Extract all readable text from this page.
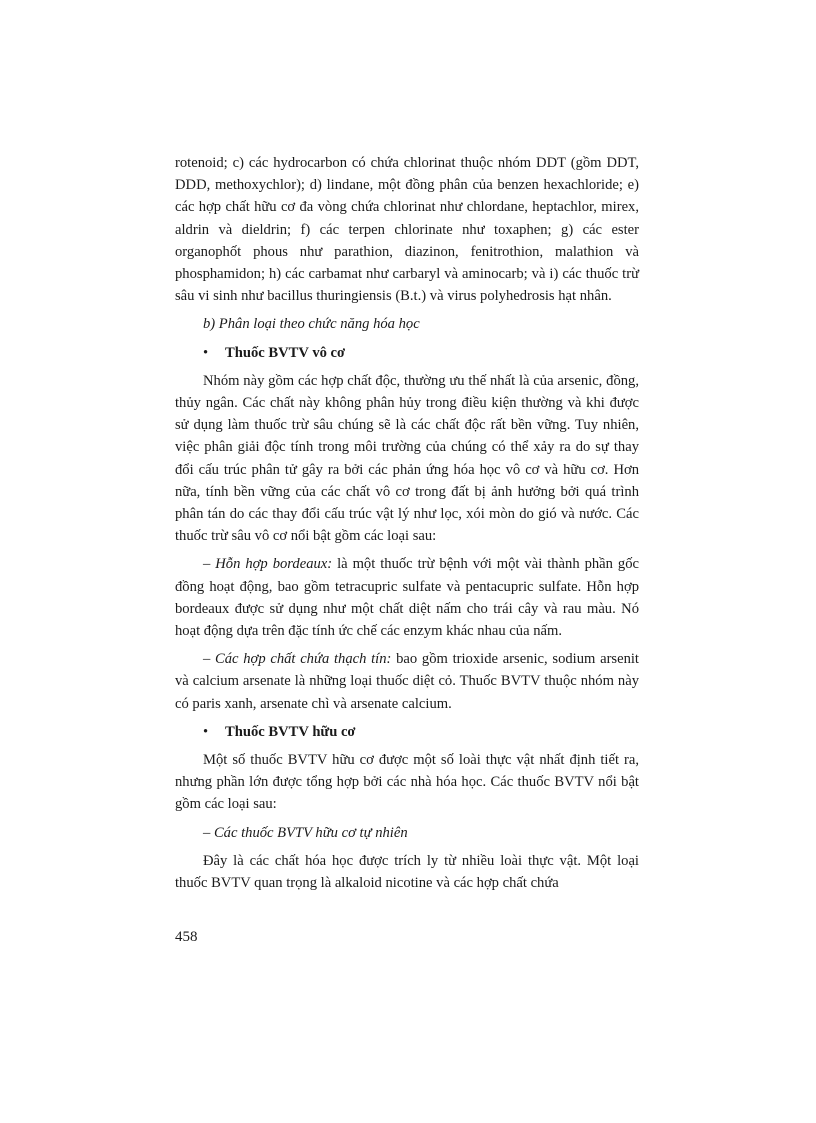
rotenoid; c) các hydrocarbon có chứa chlorinat thuộc nhóm DDT (gồm DDT, DDD, methoxychlor); d) lindane, một đồng phân của benzen hexachloride; e) các hợp chất hữu cơ đa vòng chứa chlorinat như chlordane, heptachlor, mirex, aldrin và dieldrin; f) các terpen chlorinate như toxaphen; g) các ester organophốt phous như parathion, diazinon, fenitrothion, malathion và phosphamidon; h) các carbamat như carbaryl và aminocarb; và i) các thuốc trừ sâu vi sinh như bacillus thuringiensis (B.t.) và virus polyhedrosis hạt nhân.

b) Phân loại theo chức năng hóa học

• Thuốc BVTV vô cơ

Nhóm này gồm các hợp chất độc, thường ưu thế nhất là của arsenic, đồng, thủy ngân. Các chất này không phân hủy trong điều kiện thường và khi được sử dụng làm thuốc trừ sâu chúng sẽ là các chất độc rất bền vững. Tuy nhiên, việc phân giải độc tính trong môi trường của chúng có thể xảy ra do sự thay đổi cấu trúc phân tử gây ra bởi các phản ứng hóa học vô cơ và hữu cơ. Hơn nữa, tính bền vững của các chất vô cơ trong đất bị ảnh hưởng bởi quá trình phân tán do các thay đổi cấu trúc vật lý như lọc, xói mòn do gió và nước. Các thuốc trừ sâu vô cơ nổi bật gồm các loại sau:

– Hỗn hợp bordeaux: là một thuốc trừ bệnh với một vài thành phần gốc đồng hoạt động, bao gồm tetracupric sulfate và pentacupric sulfate. Hỗn hợp bordeaux được sử dụng như một chất diệt nấm cho trái cây và rau màu. Nó hoạt động dựa trên đặc tính ức chế các enzym khác nhau của nấm.

– Các hợp chất chứa thạch tín: bao gồm trioxide arsenic, sodium arsenit và calcium arsenate là những loại thuốc diệt cỏ. Thuốc BVTV thuộc nhóm này có paris xanh, arsenate chì và arsenate calcium.

• Thuốc BVTV hữu cơ

Một số thuốc BVTV hữu cơ được một số loài thực vật nhất định tiết ra, nhưng phần lớn được tổng hợp bởi các nhà hóa học. Các thuốc BVTV nổi bật gồm các loại sau:

– Các thuốc BVTV hữu cơ tự nhiên

Đây là các chất hóa học được trích ly từ nhiều loài thực vật. Một loại thuốc BVTV quan trọng là alkaloid nicotine và các hợp chất chứa

458
